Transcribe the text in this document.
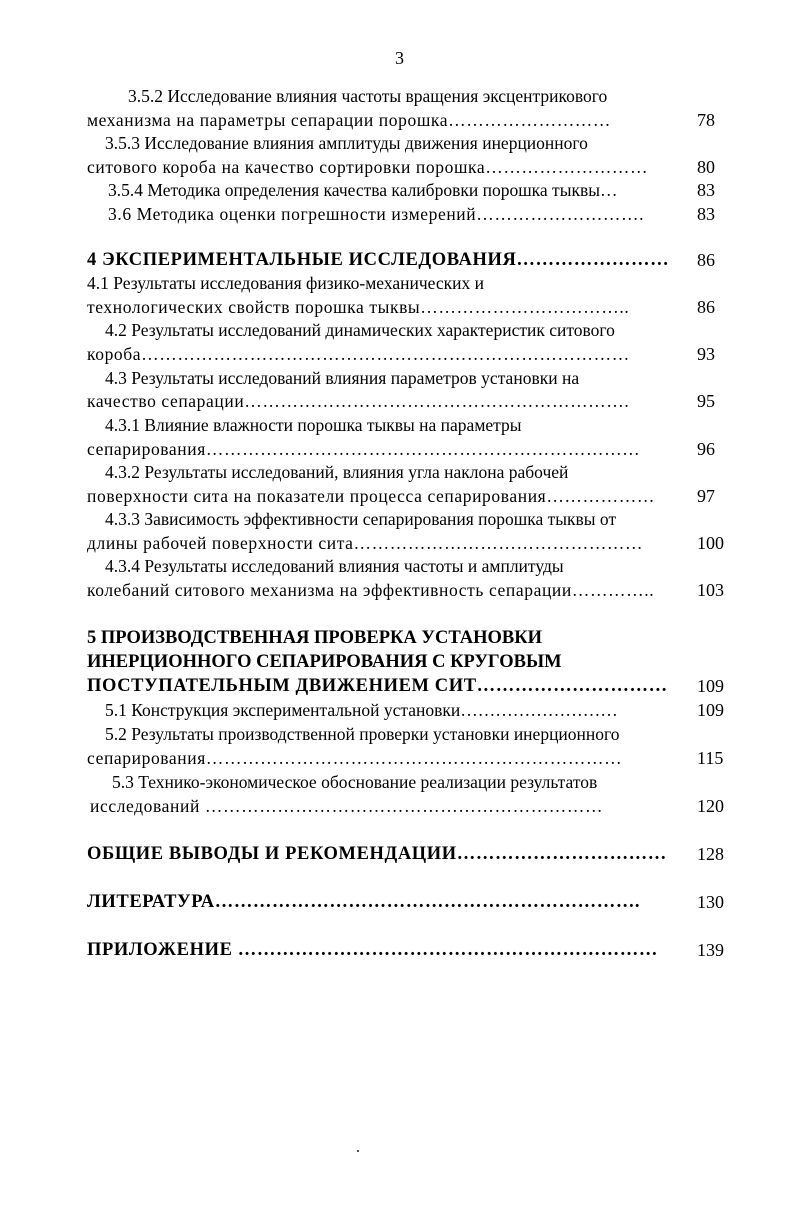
3
3.5.2 Исследование влияния частоты вращения эксцентрикового
механизма на параметры сепарации порошка………………………	78
3.5.3 Исследование влияния амплитуды движения инерционного
ситового короба на качество сортировки порошка………………………	80
3.5.4 Методика определения качества калибровки порошка тыквы…	83
3.6 Методика оценки погрешности измерений……………………….	83
4 ЭКСПЕРИМЕНТАЛЬНЫЕ ИССЛЕДОВАНИЯ…………………… 86
4.1 Результаты исследования физико-механических и
технологических свойств порошка тыквы……………………………..	86
4.2 Результаты исследований динамических характеристик ситового
короба………………………………………………………………………	93
4.3 Результаты исследований влияния параметров установки на
качество сепарации……………………………………………………….	95
4.3.1 Влияние влажности порошка тыквы на параметры
сепарирования………………………………………………………………	96
4.3.2 Результаты исследований, влияния угла наклона рабочей
поверхности сита на показатели процесса сепарирования……………… 97
4.3.3 Зависимость эффективности сепарирования порошка тыквы от
длины рабочей поверхности сита…………………………………………	100
4.3.4 Результаты исследований влияния частоты и амплитуды
колебаний ситового механизма на эффективность сепарации………….. 103
5 ПРОИЗВОДСТВЕННАЯ ПРОВЕРКА УСТАНОВКИ
ИНЕРЦИОННОГО СЕПАРИРОВАНИЯ С КРУГОВЫМ
ПОСТУПАТЕЛЬНЫМ ДВИЖЕНИЕМ СИТ………………………… 109
5.1 Конструкция экспериментальной установки………………………	109
5.2 Результаты производственной проверки установки инерционного
сепарирования……………………………………………………………	115
5.3 Технико-экономическое обоснование реализации результатов
исследований …………………………………………………………	120
ОБЩИЕ ВЫВОДЫ И РЕКОМЕНДАЦИИ…………………………… 128
ЛИТЕРАТУРА………………………………………………………….	130
ПРИЛОЖЕНИЕ ………………………………………………………… 139
